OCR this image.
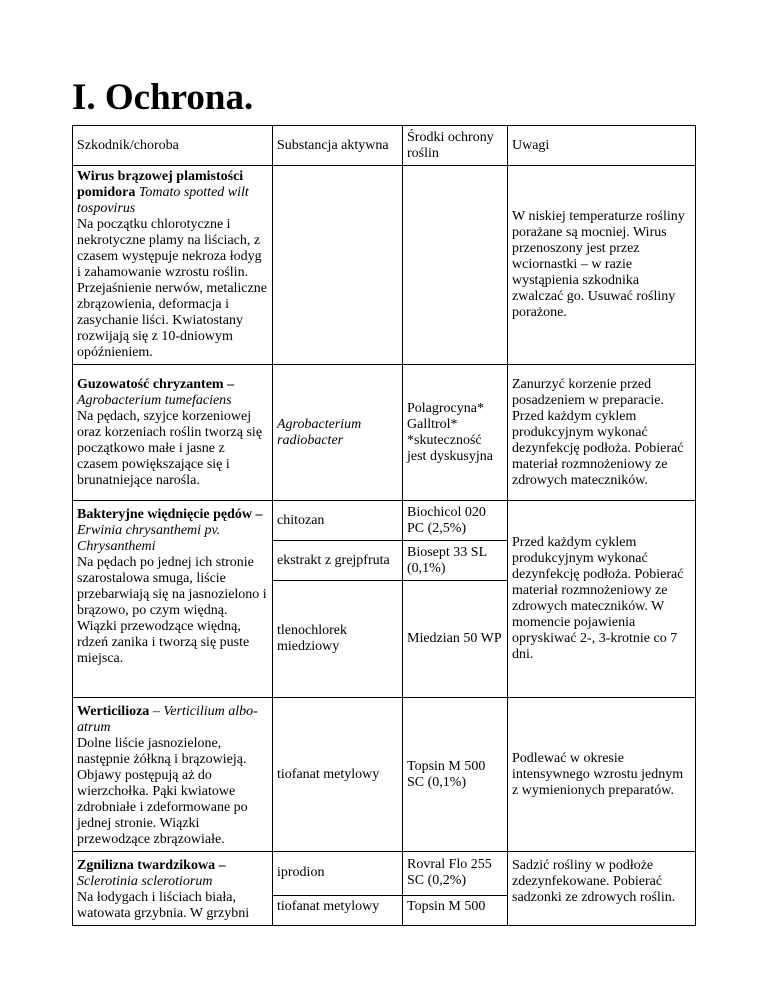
I. Ochrona.
Szkodnik/choroba	Substancja aktywna	Środki ochrony roślin	Uwagi
Wirus brązowej plamistości pomidora Tomato spotted wilt tospovirus
Na początku chlorotyczne i nekrotyczne plamy na liściach, z czasem występuje nekroza łodyg i zahamowanie wzrostu roślin. Przejaśnienie nerwów, metaliczne zbrązowienia, deformacja i zasychanie liści. Kwiatostany rozwijają się z 10-dniowym opóźnieniem.			W niskiej temperaturze rośliny porażane są mocniej. Wirus przenoszony jest przez wciornastki – w razie wystąpienia szkodnika zwalczać go. Usuwać rośliny porażone.
Guzowatość chryzantem –
Agrobacterium tumefaciens
Na pędach, szyjce korzeniowej oraz korzeniach roślin tworzą się początkowo małe i jasne z czasem powiększające się i brunatniejące narośla.	Agrobacterium radiobacter	Polagrocyna* Galltrol* *skuteczność jest dyskusyjna	Zanurzyć korzenie przed posadzeniem w preparacie. Przed każdym cyklem produkcyjnym wykonać dezynfekcję podłoża. Pobierać materiał rozmnożeniowy ze zdrowych mateczników.
Bakteryjne więdnięcie pędów – Erwinia chrysanthemi pv. Chrysanthemi
Na pędach po jednej ich stronie szarostalowa smuga, liście przebarwiają się na jasnozielono i brązowo, po czym więdną. Wiązki przewodzące więdną, rdzeń zanika i tworzą się puste miejsca.	chitozan	Biochicol 020 PC (2,5%)	Przed każdym cyklem produkcyjnym wykonać dezynfekcję podłoża. Pobierać materiał rozmnożeniowy ze zdrowych mateczników. W momencie pojawienia opryskiwać 2-, 3-krotnie co 7 dni.
	ekstrakt z grejpfruta	Biosept 33 SL (0,1%)	
	tlenochlorek miedziowy	Miedzian 50 WP	
Werticilioza – Verticilium albo-atrum
Dolne liście jasnozielone, następnie żółkną i brązowieją. Objawy postępują aż do wierzchołka. Pąki kwiatowe zdrobniałe i zdeformowane po jednej stronie. Wiązki przewodzące zbrązowiałe.	tiofanat metylowy	Topsin M 500 SC (0,1%)	Podlewać w okresie intensywnego wzrostu jednym z wymienionych preparatów.
Zgnilizna twardzikowa –
Sclerotinia sclerotiorum
Na łodygach i liściach biała, watowata grzybnia. W grzybni	iprodion	Rovral Flo 255 SC (0,2%)	Sadzić rośliny w podłoże zdezynfekowane. Pobierać sadzonki ze zdrowych roślin.
	tiofanat metylowy	Topsin M 500	
